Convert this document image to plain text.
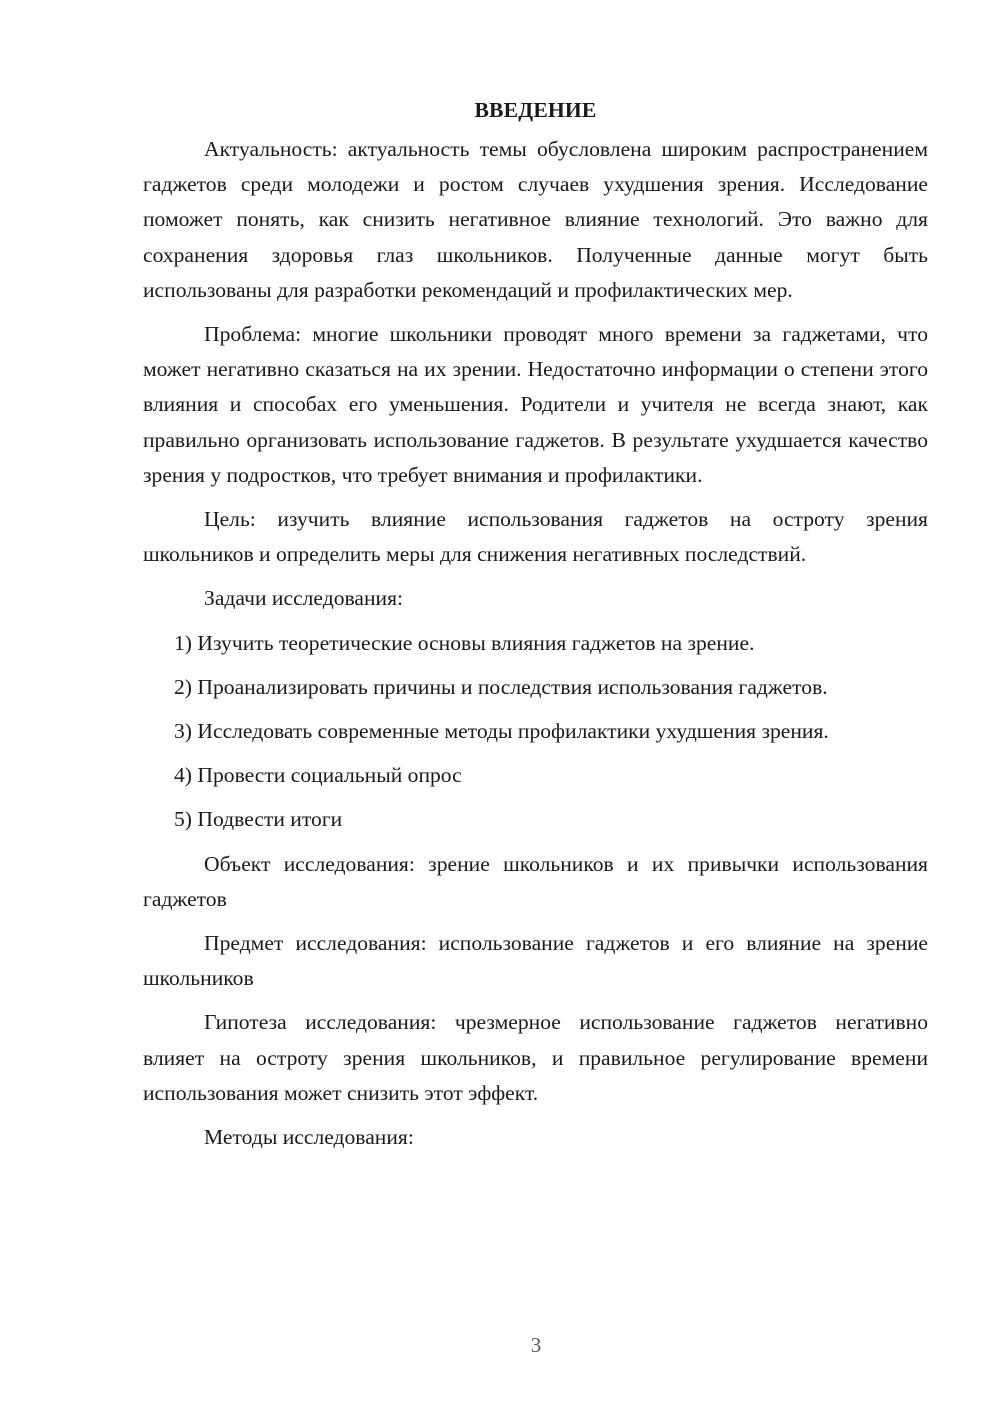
ВВЕДЕНИЕ

Актуальность: актуальность темы обусловлена широким распространением гаджетов среди молодежи и ростом случаев ухудшения зрения. Исследование поможет понять, как снизить негативное влияние технологий. Это важно для сохранения здоровья глаз школьников. Полученные данные могут быть использованы для разработки рекомендаций и профилактических мер.

Проблема: многие школьники проводят много времени за гаджетами, что может негативно сказаться на их зрении. Недостаточно информации о степени этого влияния и способах его уменьшения. Родители и учителя не всегда знают, как правильно организовать использование гаджетов. В результате ухудшается качество зрения у подростков, что требует внимания и профилактики.

Цель: изучить влияние использования гаджетов на остроту зрения школьников и определить меры для снижения негативных последствий.

Задачи исследования:

1) Изучить теоретические основы влияния гаджетов на зрение.

2) Проанализировать причины и последствия использования гаджетов.

3) Исследовать современные методы профилактики ухудшения зрения.

4) Провести социальный опрос

5) Подвести итоги

Объект исследования: зрение школьников и их привычки использования гаджетов

Предмет исследования: использование гаджетов и его влияние на зрение школьников

Гипотеза исследования: чрезмерное использование гаджетов негативно влияет на остроту зрения школьников, и правильное регулирование времени использования может снизить этот эффект.

Методы исследования:

3
